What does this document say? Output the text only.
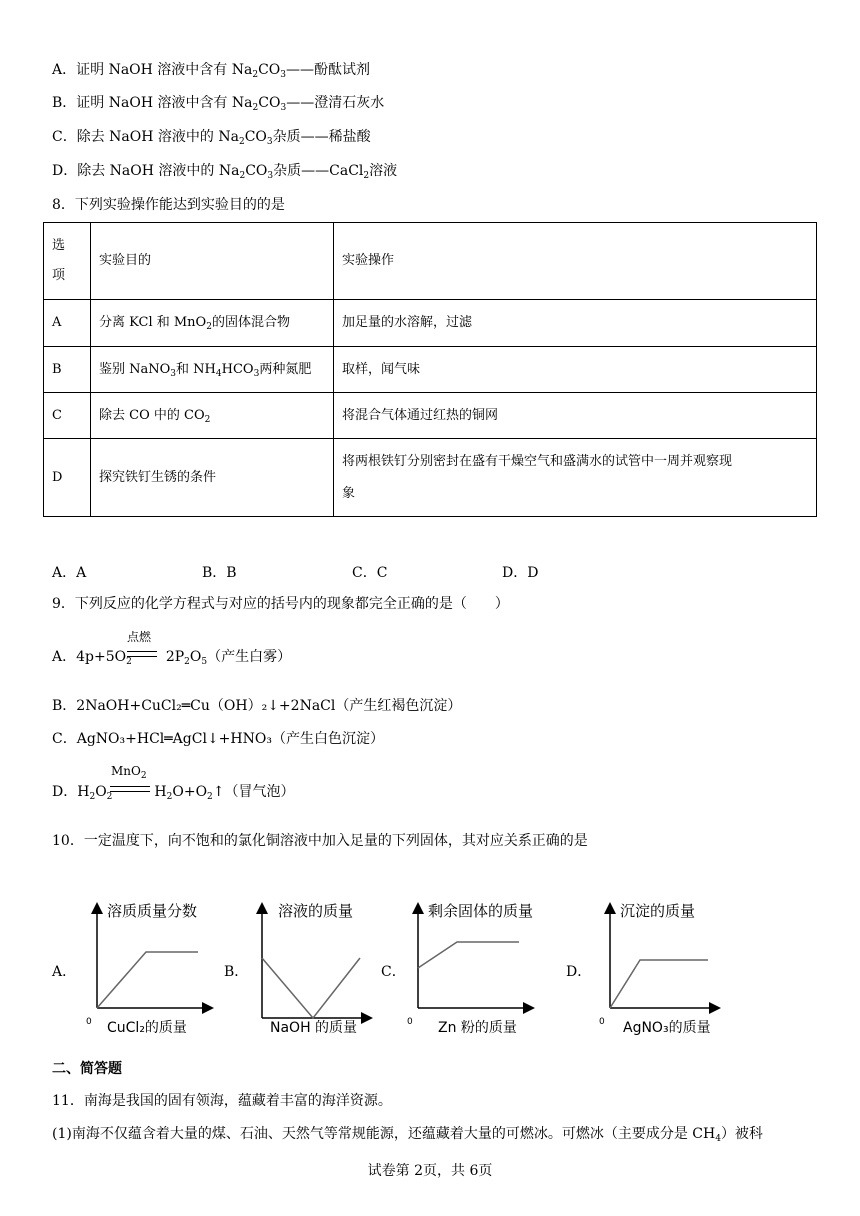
A．证明 NaOH 溶液中含有 $Na_2CO_3——$酚酞试剂
B．证明 NaOH 溶液中含有 $Na_2CO_3——$澄清石灰水
C．除去 NaOH 溶液中的 $Na_2CO_3$杂质——稀盐酸
D．除去 NaOH 溶液中的 $Na_2CO_3$杂质——CaCl$_2$溶液
8．下列实验操作能达到实验目的的是
选
项	实验目的	实验操作
A	分离 KCl 和 MnO$_2$的固体混合物	加足量的水溶解，过滤
B	鉴别 NaNO$_3$和 $NH_4HCO_3$两种氮肥	取样，闻气味
C	除去 CO 中的 $CO_2$	将混合气体通过红热的铜网
D	探究铁钉生锈的条件	将两根铁钉分别密封在盛有干燥空气和盛满水的试管中一周并观察现
象
A．A	B．B	C．C	D．D
9．下列反应的化学方程式与对应的括号内的现象都完全正确的是（　　）
A．$4p+5O_2$ $2P_2O_5$（产生白雾）
点燃
B．2NaOH+CuCl₂═Cu（OH）₂↓+2NaCl（产生红褐色沉淀）
C．AgNO₃+HCl═AgCl↓+HNO₃（产生白色沉淀）
D．$H_2O_2$	$H_2O+O_2↑$（冒气泡）
MnO$_2$
10．一定温度下，向不饱和的氯化铜溶液中加入足量的下列固体，其对应关系正确的是
A．	B．	C．	D．
溶质质量分数
0 CuCl₂的质量
溶液的质量
NaOH 的质量
剩余固体的质量
0 Zn 粉的质量
沉淀的质量
0 AgNO₃的质量
二、简答题
11．南海是我国的固有领海，蕴藏着丰富的海洋资源。
(1)南海不仅蕴含着大量的煤、石油、天然气等常规能源，还蕴藏着大量的可燃冰。可燃冰（主要成分是 $CH_4$）被科
试卷第 2页，共 6页
